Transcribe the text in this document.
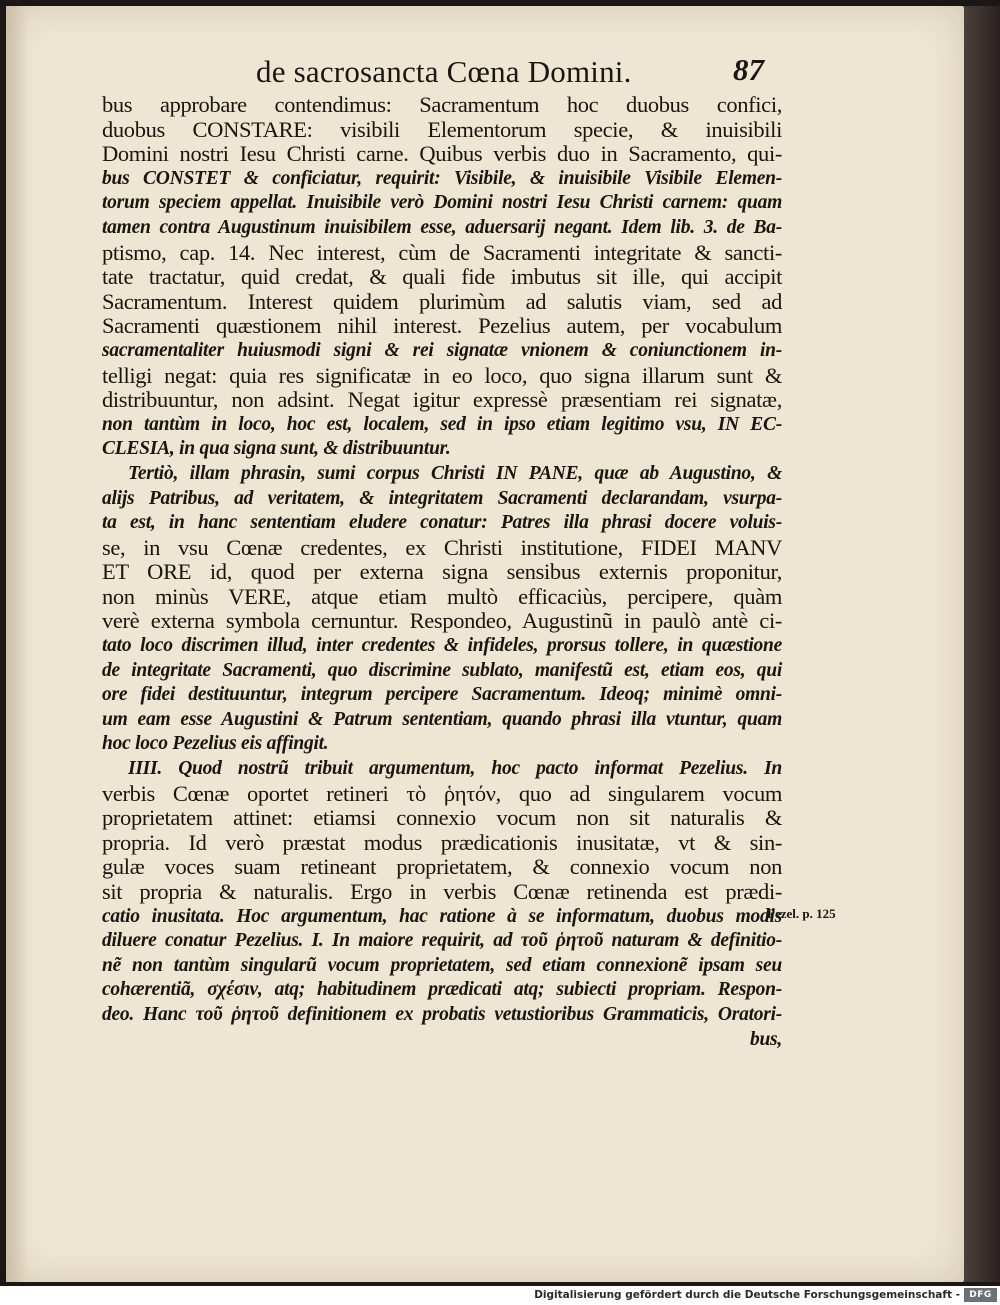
de sacrosancta Cœna Domini.	87
bus approbare contendimus: Sacramentum hoc duobus confici,
duobus CONSTARE: visibili Elementorum specie, & inuisibili
Domini nostri Iesu Christi carne. Quibus verbis duo in Sacramento, qui-
bus CONSTET & conficiatur, requirit: Visibile, & inuisibile Visibile Elemen-
torum speciem appellat. Inuisibile verò Domini nostri Iesu Christi carnem: quam
tamen contra Augustinum inuisibilem esse, aduersarij negant. Idem lib. 3. de Ba-
ptismo, cap. 14. Nec interest, cùm de Sacramenti integritate & sancti-
tate tractatur, quid credat, & quali fide imbutus sit ille, qui accipit
Sacramentum. Interest quidem plurimùm ad salutis viam, sed ad
Sacramenti quæstionem nihil interest. Pezelius autem, per vocabulum
sacramentaliter huiusmodi signi & rei signatæ vnionem & coniunctionem in-
telligi negat: quia res significatæ in eo loco, quo signa illarum sunt &
distribuuntur, non adsint. Negat igitur expressè præsentiam rei signatæ,
non tantùm in loco, hoc est, localem, sed in ipso etiam legitimo vsu, IN EC-
CLESIA, in qua signa sunt, & distribuuntur.
Tertiò, illam phrasin, sumi corpus Christi IN PANE, quæ ab Augustino, &
alijs Patribus, ad veritatem, & integritatem Sacramenti declarandam, vsurpa-
ta est, in hanc sententiam eludere conatur: Patres illa phrasi docere voluis-
se, in vsu Cœnæ credentes, ex Christi institutione, FIDEI MANV
ET ORE id, quod per externa signa sensibus externis proponitur,
non minùs VERE, atque etiam multò efficaciùs, percipere, quàm
verè externa symbola cernuntur. Respondeo, Augustinũ in paulò antè ci-
tato loco discrimen illud, inter credentes & infideles, prorsus tollere, in quæstione
de integritate Sacramenti, quo discrimine sublato, manifestũ est, etiam eos, qui
ore fidei destituuntur, integrum percipere Sacramentum. Ideoq; minimè omni-
um eam esse Augustini & Patrum sententiam, quando phrasi illa vtuntur, quam
hoc loco Pezelius eis affingit.
IIII. Quod nostrũ tribuit argumentum, hoc pacto informat Pezelius. In
verbis Cœnæ oportet retineri τὸ ῥητόν, quo ad singularem vocum
proprietatem attinet: etiamsi connexio vocum non sit naturalis &
propria. Id verò præstat modus prædicationis inusitatæ, vt & sin-
gulæ voces suam retineant proprietatem, & connexio vocum non
sit propria & naturalis. Ergo in verbis Cœnæ retinenda est prædi-
catio inusitata. Hoc argumentum, hac ratione à se informatum, duobus modis
diluere conatur Pezelius. I. In maiore requirit, ad τοῦ ῥητοῦ naturam & definitio-
nẽ non tantùm singularũ vocum proprietatem, sed etiam connexionẽ ipsam seu
cohærentiã, σχέσιν, atq; habitudinem prædicati atq; subiecti propriam. Respon-
deo. Hanc τοῦ ῥητοῦ definitionem ex probatis vetustioribus Grammaticis, Oratori-
bus,
Pezel. p. 125
Digitalisierung gefördert durch die Deutsche Forschungsgemeinschaft -	DFG
